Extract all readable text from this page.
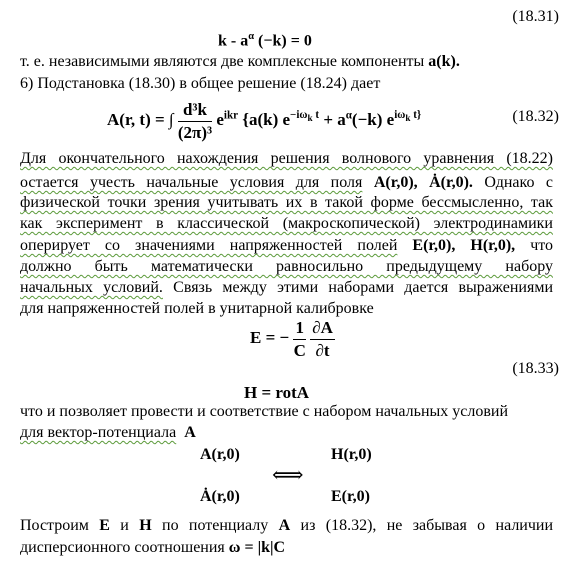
(18.31)
k - $a^\alpha$ (−k) = 0
т. е. независимыми являются две комплексные компоненты a(k).
6) Подстановка (18.30) в общее решение (18.24) дает
A(r, t) = ∫ $\frac{\text{d³k}}{\text{(2π)³}} e^{ikr}$ {a(k) $e^{-i\omega_k t} + a^\alpha(-k)$ $e^{i\omega_k t\}}$	(18.32)
Для окончательного нахождения решения волнового уравнения (18.22)
остается учесть начальные условия для поля A(r,0), Ȧ(r,0). Однако с
физической точки зрения учитывать их в такой форме бессмысленно, так
как эксперимент в классической (макроскопической) электродинамики
оперирует со значениями напряженностей полей E(r,0), H(r,0), что
должно быть математически равносильно предыдущему набору
начальных условий. Связь между этими наборами дается выражениями
для напряженностей полей в унитарной калибровке
E = − $\frac{1}{C}$
$\frac{\partial A}{\partial t}$
(18.33)
H = rotA
что и позволяет провести и соответствие с набором начальных условий
для вектор-потенциала A
A(r,0)	H(r,0)
⟺
Ȧ(r,0)	E(r,0)
Построим E и H по потенциалу A из (18.32), не забывая о наличии
дисперсионного соотношения ω = |k|C
